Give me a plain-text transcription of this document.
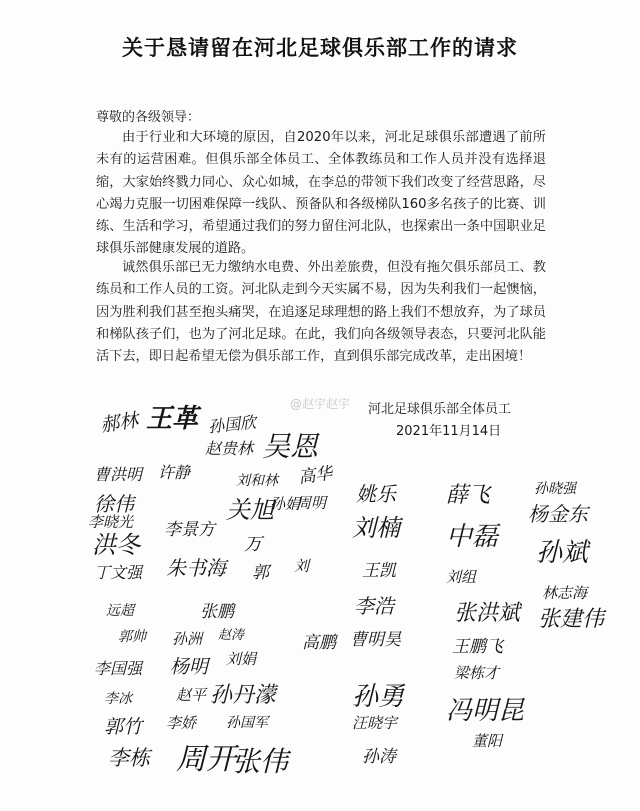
关于恳请留在河北足球俱乐部工作的请求
尊敬的各级领导：
由于行业和大环境的原因，自2020年以来，河北足球俱乐部遭遇了前所未有的运营困难。但俱乐部全体员工、全体教练员和工作人员并没有选择退缩，大家始终戮力同心、众心如城，在李总的带领下我们改变了经营思路，尽心竭力克服一切困难保障一线队、预备队和各级梯队160多名孩子的比赛、训练、生活和学习，希望通过我们的努力留住河北队，也探索出一条中国职业足球俱乐部健康发展的道路。
诚然俱乐部已无力缴纳水电费、外出差旅费，但没有拖欠俱乐部员工、教练员和工作人员的工资。河北队走到今天实属不易，因为失利我们一起懊恼，因为胜利我们甚至抱头痛哭，在追逐足球理想的路上我们不想放弃，为了球员和梯队孩子们，也为了河北足球。在此，我们向各级领导表态，只要河北队能活下去，即日起希望无偿为俱乐部工作，直到俱乐部完成改革，走出困境！
@赵宇赵宇 河北足球俱乐部全体员工
2021年11月14日
郝林 王革 孙国欣
赵贵林 吴恩
曹洪明 许静	刘和林 高华
徐伟
李晓光
洪冬
李景方
关旭
孙娟
周明
丁文强 朱书海
万
郭 刘
远超
郭帅 孙洲
张鹏
赵涛	高鹏
李国强 杨明 刘娟
赵平 孙丹濛
孙国军
李冰
郭竹 李娇
李栋 周开
张伟
姚乐
刘楠
王凯
李浩
曹明昊
孙勇
汪晓宇
孙涛
薛飞
中磊
刘组
张洪斌
王鹏飞
梁栋才
冯明昆
董阳
孙晓强
杨金东
孙斌
林志海
张建伟
